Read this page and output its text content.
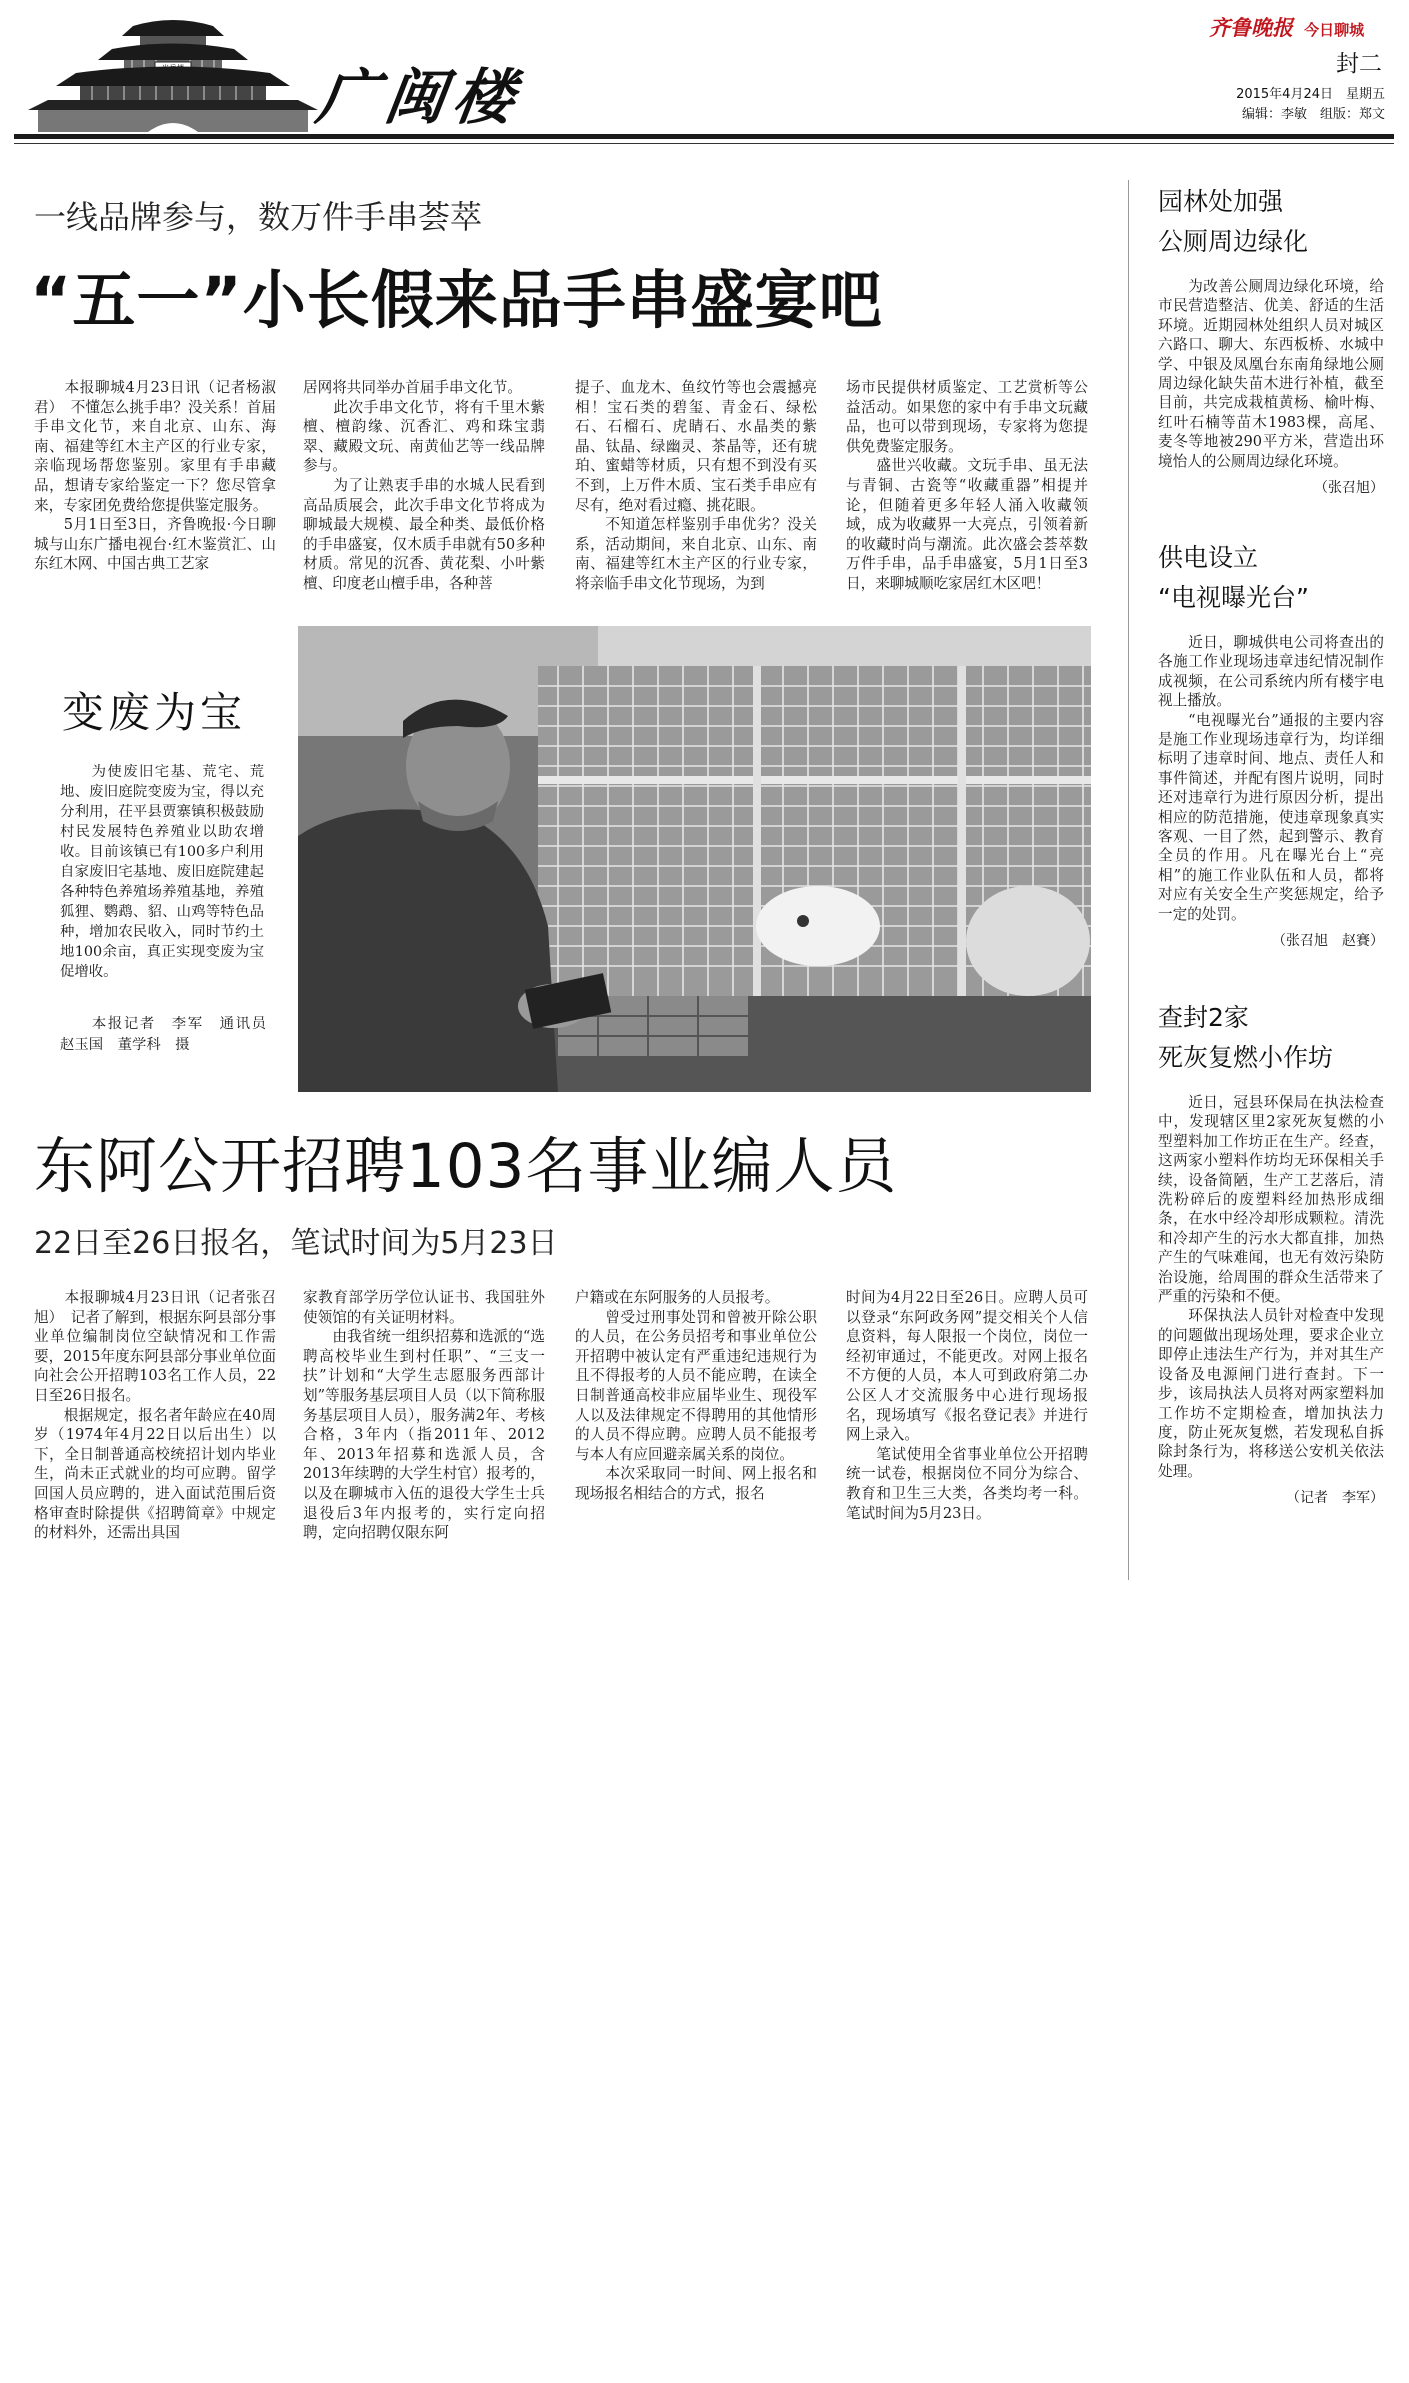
广闽楼
齐鲁晚报 今日聊城
封二
2015年4月24日　星期五
编辑：李敏　组版：郑文
一线品牌参与，数万件手串荟萃
“五一”小长假来品手串盛宴吧
　　本报聊城4月23日讯（记者杨淑君）　不懂怎么挑手串？没关系！首届手串文化节，来自北京、山东、海南、福建等红木主产区的行业专家，亲临现场帮您鉴别。家里有手串藏品，想请专家给鉴定一下？您尽管拿来，专家团免费给您提供鉴定服务。
　　5月1日至3日，齐鲁晚报·今日聊城与山东广播电视台·红木鉴赏汇、山东红木网、中国古典工艺家
居网将共同举办首届手串文化节。
　　此次手串文化节，将有千里木紫檀、檀韵缘、沉香汇、鸡和珠宝翡翠、藏殿文玩、南黄仙艺等一线品牌参与。
　　为了让熟衷手串的水城人民看到高品质展会，此次手串文化节将成为聊城最大规模、最全种类、最低价格的手串盛宴，仅木质手串就有50多种材质。常见的沉香、黄花梨、小叶紫檀、印度老山檀手串，各种菩
提子、血龙木、鱼纹竹等也会震撼亮相！宝石类的碧玺、青金石、绿松石、石榴石、虎睛石、水晶类的紫晶、钛晶、绿幽灵、茶晶等，还有琥珀、蜜蜡等材质，只有想不到没有买不到，上万件木质、宝石类手串应有尽有，绝对看过瘾、挑花眼。
　　不知道怎样鉴别手串优劣？没关系，活动期间，来自北京、山东、南南、福建等红木主产区的行业专家，将亲临手串文化节现场，为到
场市民提供材质鉴定、工艺赏析等公益活动。如果您的家中有手串文玩藏品，也可以带到现场，专家将为您提供免费鉴定服务。
　　盛世兴收藏。文玩手串、虽无法与青铜、古瓷等“收藏重器”相提并论，但随着更多年轻人涌入收藏领域，成为收藏界一大亮点，引领着新的收藏时尚与潮流。此次盛会荟萃数万件手串，品手串盛宴，5月1日至3日，来聊城顺吃家居红木区吧！
变废为宝
　　为使废旧宅基、荒宅、荒地、废旧庭院变废为宝，得以充分利用，茌平县贾寨镇积极鼓励村民发展特色养殖业以助农增收。目前该镇已有100多户利用自家废旧宅基地、废旧庭院建起各种特色养殖场养殖基地，养殖狐狸、鹦鹉、貂、山鸡等特色品种，增加农民收入，同时节约土地100余亩，真正实现变废为宝促增收。
　　本报记者　李军　通讯员　赵玉国　董学科　摄
东阿公开招聘103名事业编人员
22日至26日报名，笔试时间为5月23日
　　本报聊城4月23日讯（记者张召旭）　记者了解到，根据东阿县部分事业单位编制岗位空缺情况和工作需要，2015年度东阿县部分事业单位面向社会公开招聘103名工作人员，22日至26日报名。
　　根据规定，报名者年龄应在40周岁（1974年4月22日以后出生）以下，全日制普通高校统招计划内毕业生，尚未正式就业的均可应聘。留学回国人员应聘的，进入面试范围后资格审查时除提供《招聘简章》中规定的材料外，还需出具国
家教育部学历学位认证书、我国驻外使领馆的有关证明材料。
　　由我省统一组织招募和选派的“选聘高校毕业生到村任职”、“三支一扶”计划和“大学生志愿服务西部计划”等服务基层项目人员（以下简称服务基层项目人员），服务满2年、考核合格，3年内（指2011年、2012年、2013年招募和选派人员，含2013年续聘的大学生村官）报考的，以及在聊城市入伍的退役大学生士兵退役后3年内报考的，实行定向招聘，定向招聘仅限东阿
户籍或在东阿服务的人员报考。
　　曾受过刑事处罚和曾被开除公职的人员，在公务员招考和事业单位公开招聘中被认定有严重违纪违规行为且不得报考的人员不能应聘，在读全日制普通高校非应届毕业生、现役军人以及法律规定不得聘用的其他情形的人员不得应聘。应聘人员不能报考与本人有应回避亲属关系的岗位。
　　本次采取同一时间、网上报名和现场报名相结合的方式，报名
时间为4月22日至26日。应聘人员可以登录“东阿政务网”提交相关个人信息资料，每人限报一个岗位，岗位一经初审通过，不能更改。对网上报名不方便的人员，本人可到政府第二办公区人才交流服务中心进行现场报名，现场填写《报名登记表》并进行网上录入。
　　笔试使用全省事业单位公开招聘统一试卷，根据岗位不同分为综合、教育和卫生三大类，各类均考一科。笔试时间为5月23日。
园林处加强
公厕周边绿化
　　为改善公厕周边绿化环境，给市民营造整洁、优美、舒适的生活环境。近期园林处组织人员对城区六路口、聊大、东西板桥、水城中学、中银及凤凰台东南角绿地公厕周边绿化缺失苗木进行补植，截至目前，共完成栽植黄杨、榆叶梅、红叶石楠等苗木1983棵，高尾、麦冬等地被290平方米，营造出环境怡人的公厕周边绿化环境。
（张召旭）
供电设立
“电视曝光台”
　　近日，聊城供电公司将查出的各施工作业现场违章违纪情况制作成视频，在公司系统内所有楼宇电视上播放。
　　“电视曝光台”通报的主要内容是施工作业现场违章行为，均详细标明了违章时间、地点、责任人和事件简述，并配有图片说明，同时还对违章行为进行原因分析，提出相应的防范措施，使违章现象真实客观、一目了然，起到警示、教育全员的作用。凡在曝光台上“亮相”的施工作业队伍和人员，都将对应有关安全生产奖惩规定，给予一定的处罚。
（张召旭　赵賽）
查封2家
死灰复燃小作坊
　　近日，冠县环保局在执法检查中，发现辖区里2家死灰复燃的小型塑料加工作坊正在生产。经查，这两家小塑料作坊均无环保相关手续，设备简陋，生产工艺落后，清洗粉碎后的废塑料经加热形成细条，在水中经冷却形成颗粒。清洗和冷却产生的污水大都直排，加热产生的气味难闻，也无有效污染防治设施，给周围的群众生活带来了严重的污染和不便。
　　环保执法人员针对检查中发现的问题做出现场处理，要求企业立即停止违法生产行为，并对其生产设备及电源闸门进行查封。下一步，该局执法人员将对两家塑料加工作坊不定期检查，增加执法力度，防止死灰复燃，若发现私自拆除封条行为，将移送公安机关依法处理。
（记者　李军）
